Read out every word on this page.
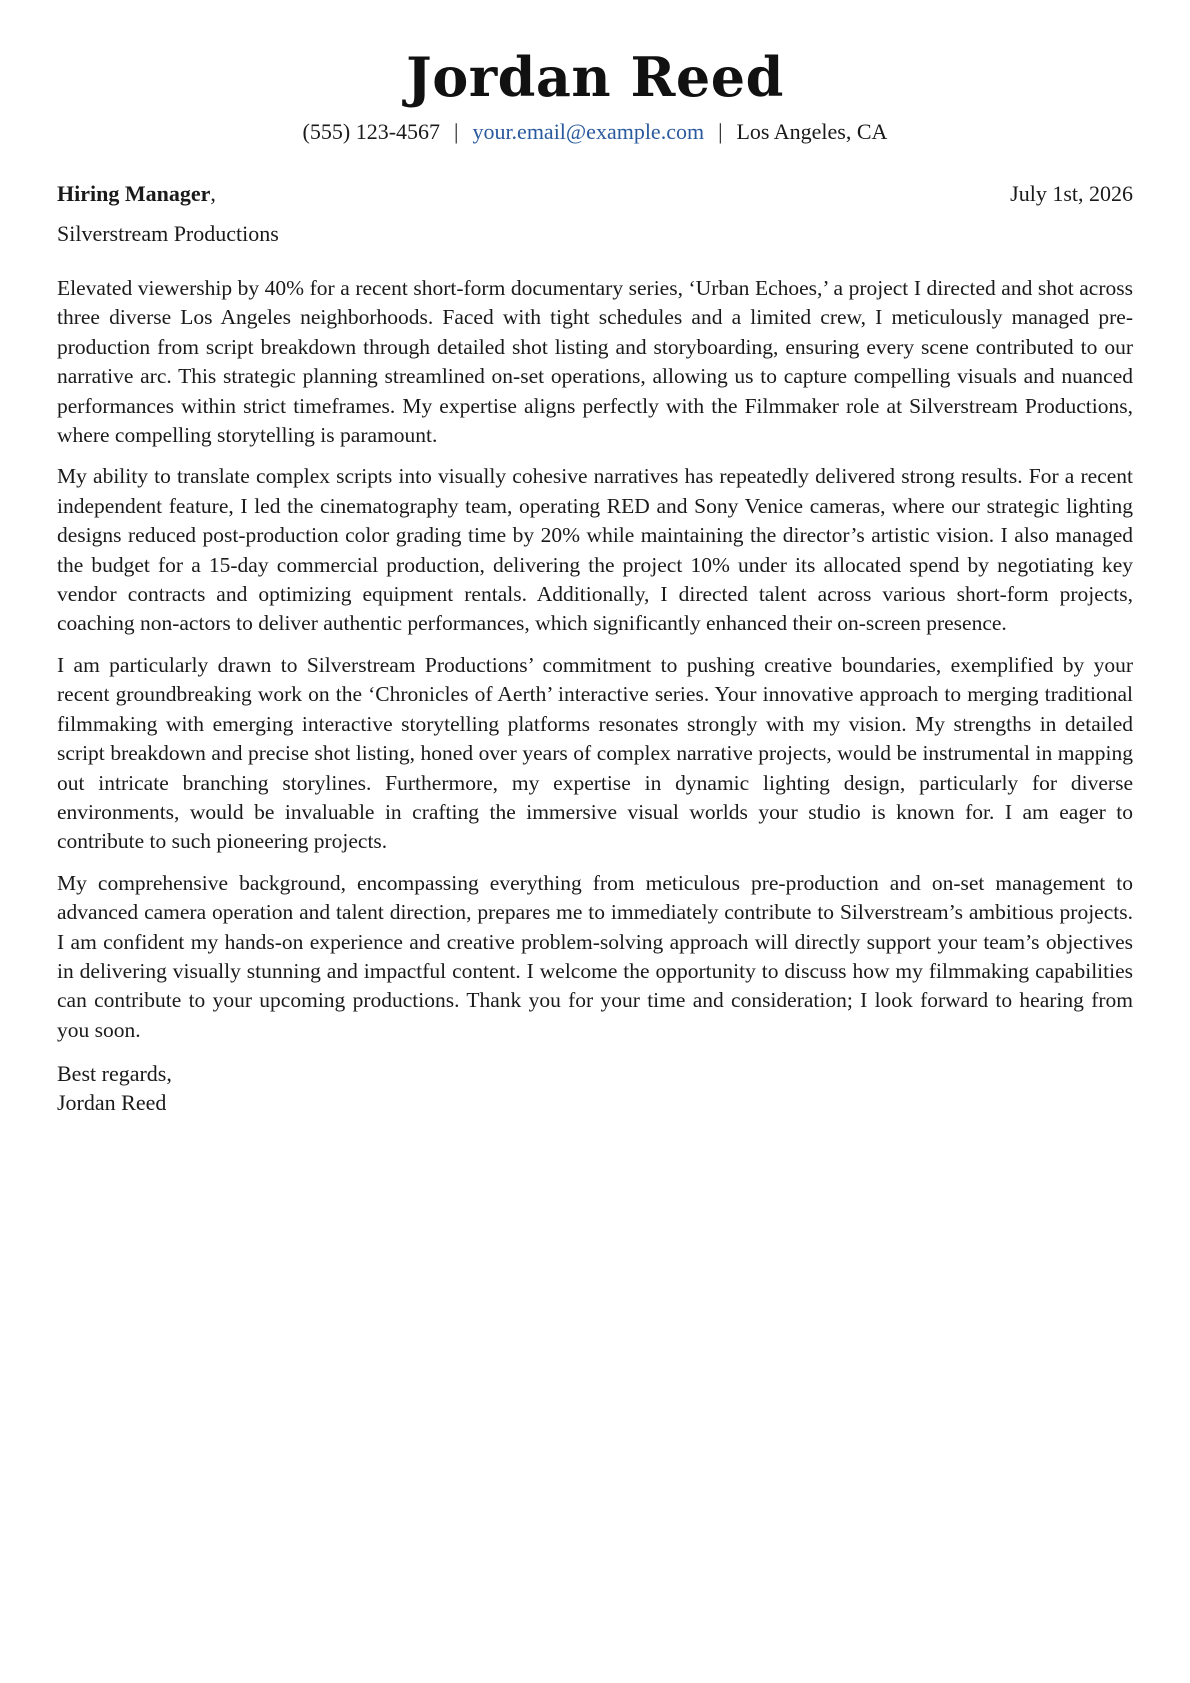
Jordan Reed
(555) 123-4567 | your.email@example.com | Los Angeles, CA
Hiring Manager,	July 1st, 2026
Silverstream Productions

Elevated viewership by 40% for a recent short-form documentary series, ‘Urban Echoes,’ a project I directed and shot across three diverse Los Angeles neighborhoods. Faced with tight schedules and a limited crew, I meticulously managed pre-production from script breakdown through detailed shot listing and storyboarding, ensuring every scene contributed to our narrative arc. This strategic planning streamlined on-set operations, allowing us to capture compelling visuals and nuanced performances within strict timeframes. My expertise aligns perfectly with the Filmmaker role at Silverstream Productions, where compelling storytelling is paramount.

My ability to translate complex scripts into visually cohesive narratives has repeatedly delivered strong results. For a recent independent feature, I led the cinematography team, operating RED and Sony Venice cameras, where our strategic lighting designs reduced post-production color grading time by 20% while maintaining the director’s artistic vision. I also managed the budget for a 15-day commercial production, delivering the project 10% under its allocated spend by negotiating key vendor contracts and optimizing equipment rentals. Additionally, I directed talent across various short-form projects, coaching non-actors to deliver authentic performances, which significantly enhanced their on-screen presence.

I am particularly drawn to Silverstream Productions’ commitment to pushing creative boundaries, exemplified by your recent groundbreaking work on the ‘Chronicles of Aerth’ interactive series. Your innovative approach to merging traditional filmmaking with emerging interactive storytelling platforms resonates strongly with my vision. My strengths in detailed script breakdown and precise shot listing, honed over years of complex narrative projects, would be instrumental in mapping out intricate branching storylines. Furthermore, my expertise in dynamic lighting design, particularly for diverse environments, would be invaluable in crafting the immersive visual worlds your studio is known for. I am eager to contribute to such pioneering projects.

My comprehensive background, encompassing everything from meticulous pre-production and on-set management to advanced camera operation and talent direction, prepares me to immediately contribute to Silverstream’s ambitious projects. I am confident my hands-on experience and creative problem-solving approach will directly support your team’s objectives in delivering visually stunning and impactful content. I welcome the opportunity to discuss how my filmmaking capabilities can contribute to your upcoming productions. Thank you for your time and consideration; I look forward to hearing from you soon.

Best regards,
Jordan Reed
